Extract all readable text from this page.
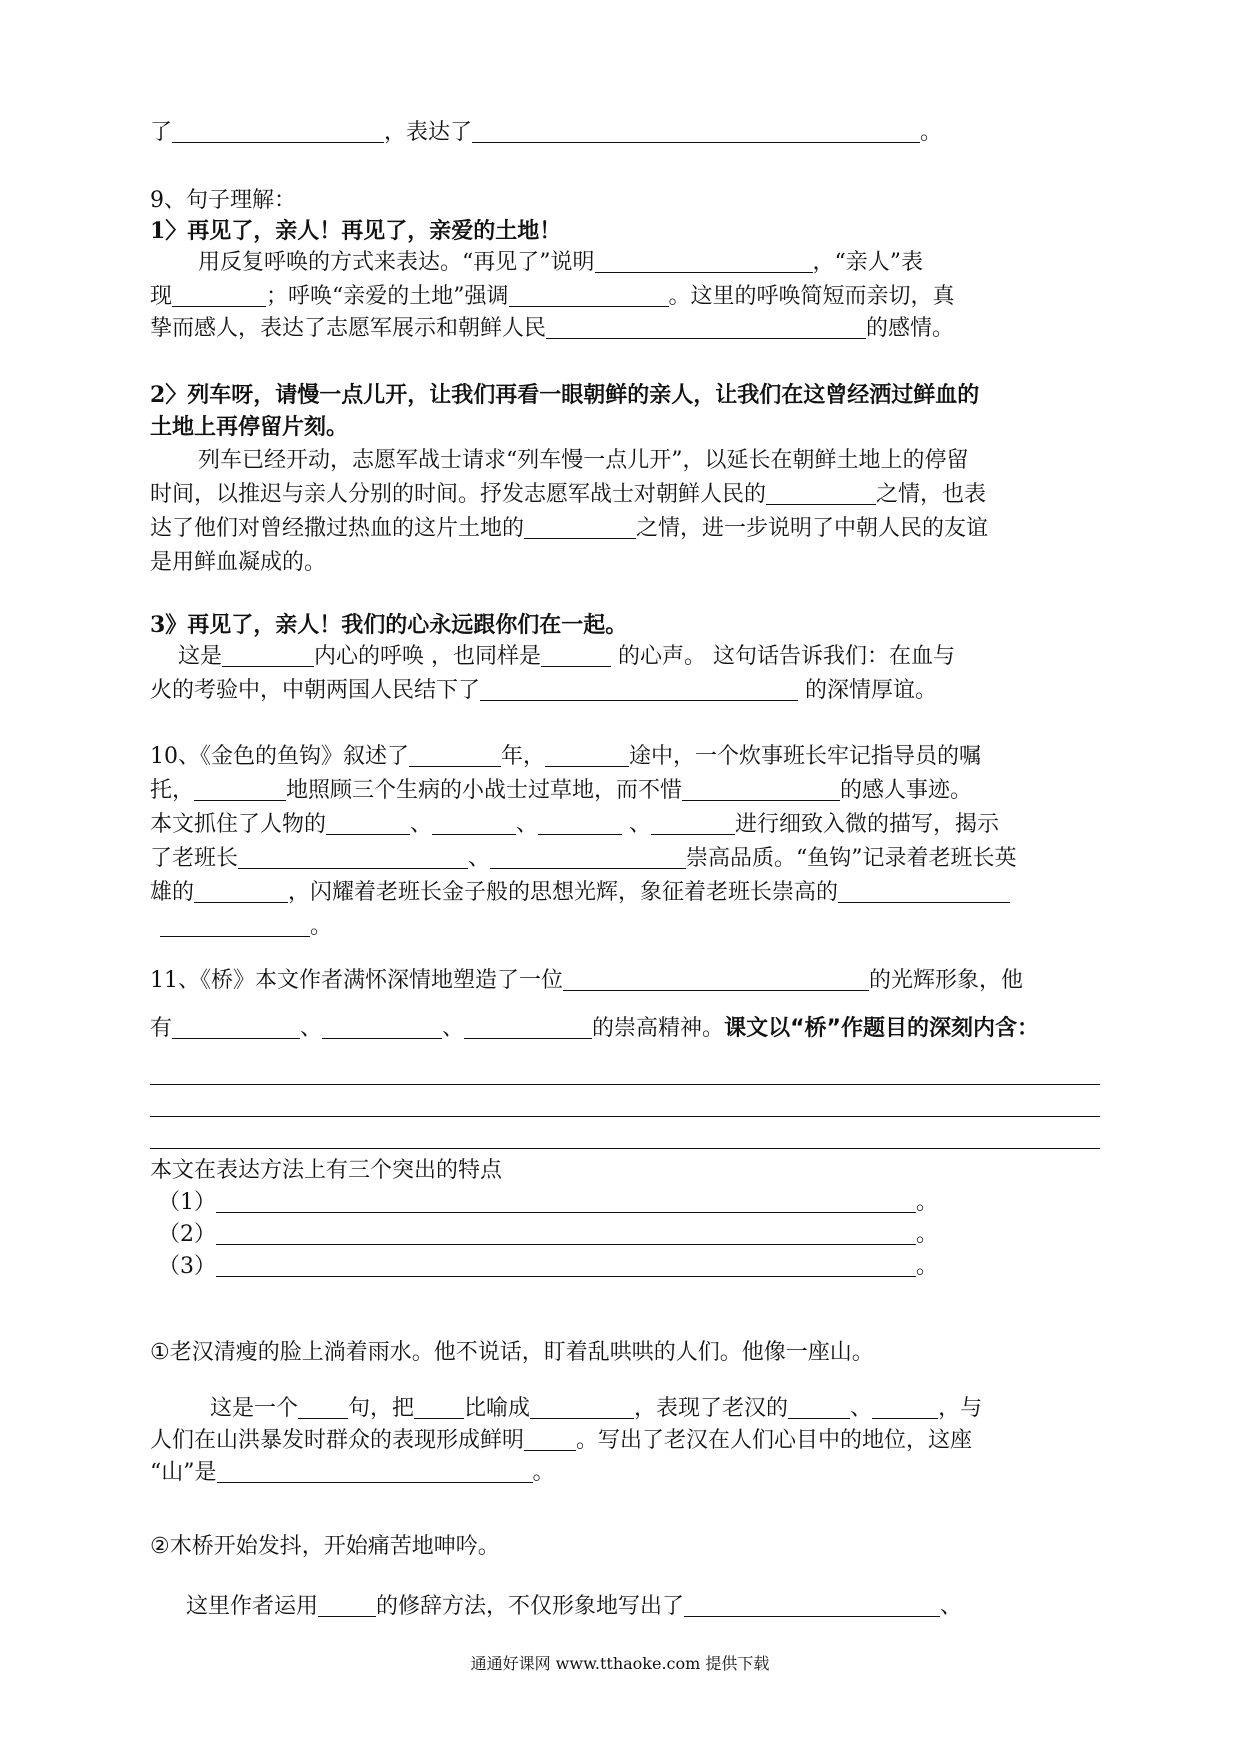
了	，表达了	。
9、句子理解：
1〉再见了，亲人！再见了，亲爱的土地！
用反复呼唤的方式来表达。“再见了”说明	，“亲人”表
现	；呼唤“亲爱的土地”强调	。这里的呼唤简短而亲切，真
挚而感人，表达了志愿军展示和朝鲜人民	的感情。
2〉列车呀，请慢一点儿开，让我们再看一眼朝鲜的亲人，让我们在这曾经洒过鲜血的
土地上再停留片刻。
列车已经开动，志愿军战士请求“列车慢一点儿开”，以延长在朝鲜土地上的停留
时间，以推迟与亲人分别的时间。抒发志愿军战士对朝鲜人民的	之情，也表
达了他们对曾经撒过热血的这片土地的	之情，进一步说明了中朝人民的友谊
是用鲜血凝成的。
3》再见了，亲人！我们的心永远跟你们在一起。
这是	内心的呼唤 ，也同样是	的心声。 这句话告诉我们：在血与
火的考验中，中朝两国人民结下了	的深情厚谊。
10、《金色的鱼钩》叙述了	年，	途中，一个炊事班长牢记指导员的嘱
托，	地照顾三个生病的小战士过草地，而不惜	的感人事迹。
本文抓住了人物的	、	、	、	进行细致入微的描写，揭示
了老班长	、	崇高品质。“鱼钩”记录着老班长英
雄的	，闪耀着老班长金子般的思想光辉，象征着老班长崇高的
。
11、《桥》本文作者满怀深情地塑造了一位	的光辉形象，他
有	、	、	的崇高精神。课文以“桥”作题目的深刻内含：
本文在表达方法上有三个突出的特点
（1）	。
（2）	。
（3）	。
①老汉清瘦的脸上淌着雨水。他不说话，盯着乱哄哄的人们。他像一座山。
这是一个 句，把 比喻成	，表现了老汉的	、	，与
人们在山洪暴发时群众的表现形成鲜明 。写出了老汉在人们心目中的地位，这座
“山”是	。
②木桥开始发抖，开始痛苦地呻吟。
这里作者运用	的修辞方法，不仅形象地写出了	、
通通好课网 www.tthaoke.com 提供下载
